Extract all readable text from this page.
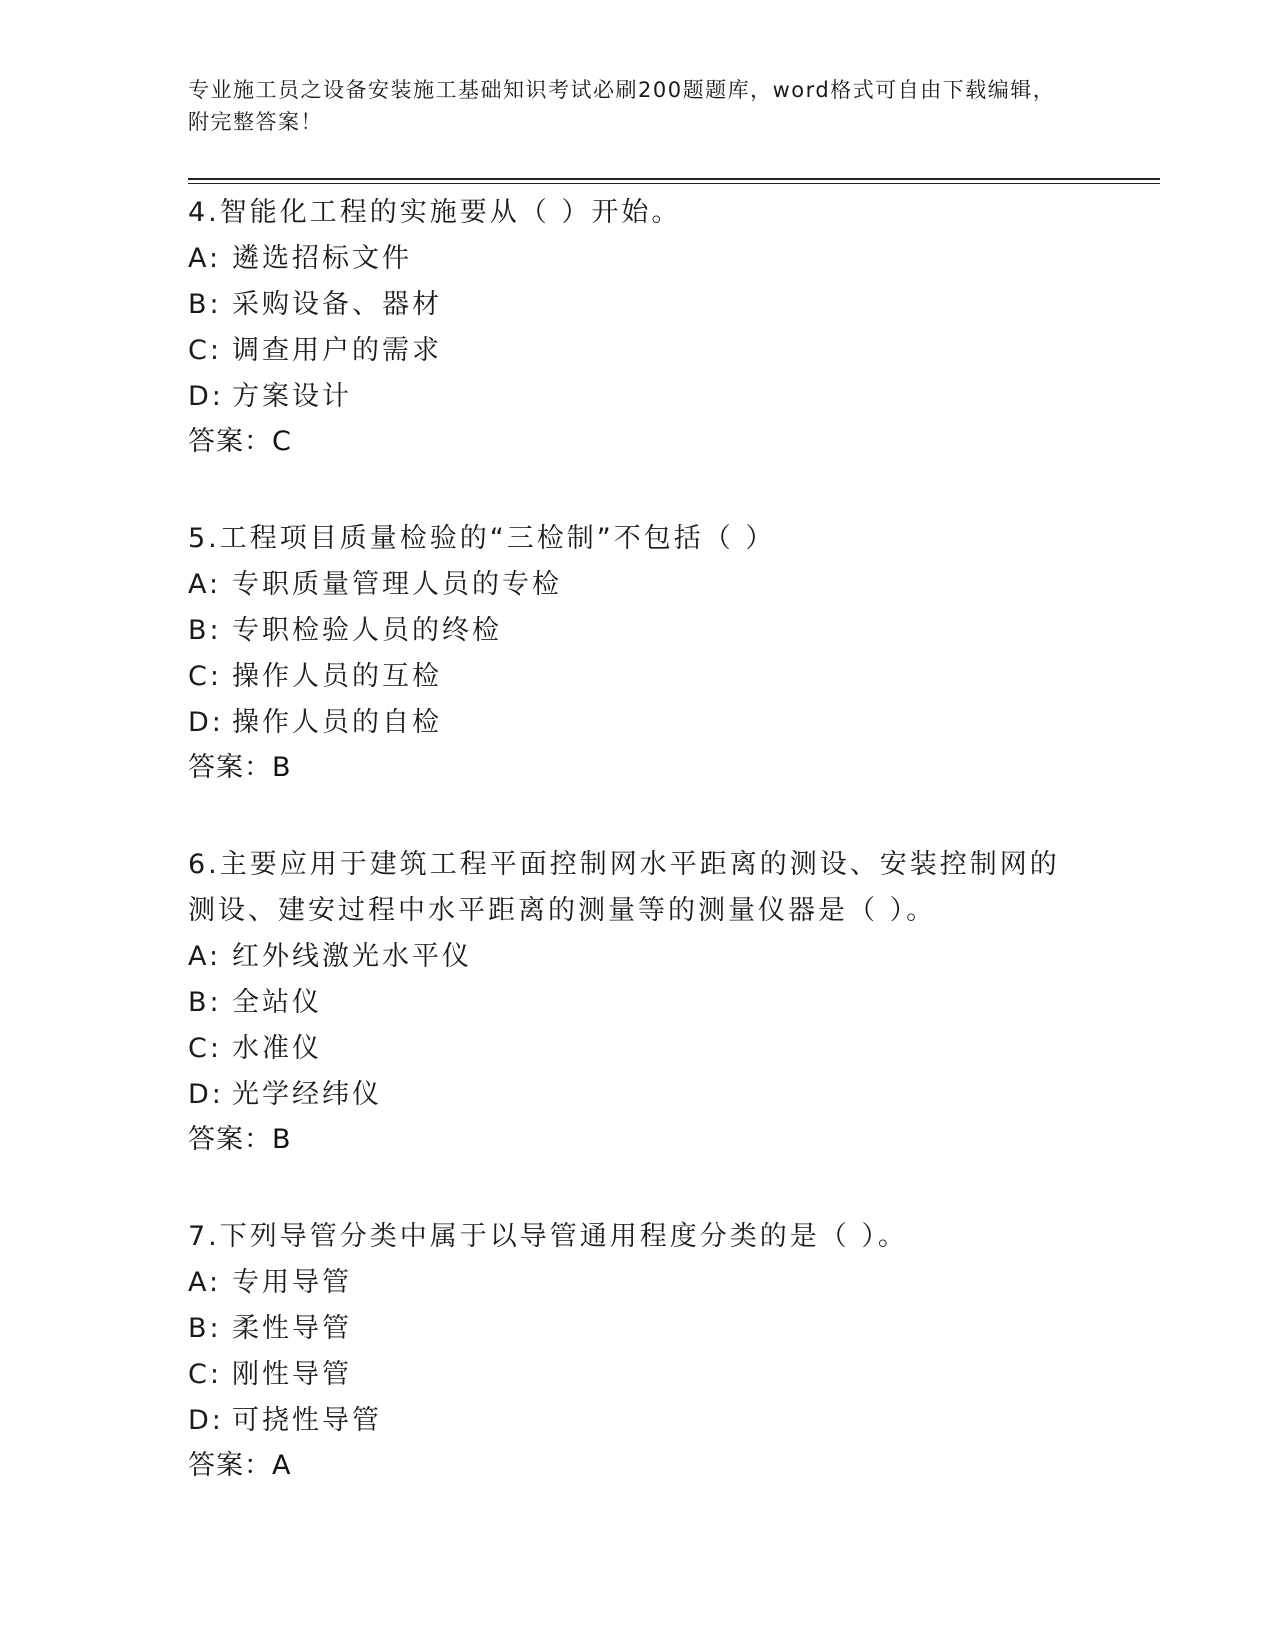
专业施工员之设备安装施工基础知识考试必刷200题题库，word格式可自由下载编辑，附完整答案！
4.智能化工程的实施要从（ ）开始。
A: 遴选招标文件
B: 采购设备、器材
C: 调查用户的需求
D: 方案设计
答案：C
5.工程项目质量检验的“三检制”不包括（ ）
A: 专职质量管理人员的专检
B: 专职检验人员的终检
C: 操作人员的互检
D: 操作人员的自检
答案：B
6.主要应用于建筑工程平面控制网水平距离的测设、安装控制网的测设、建安过程中水平距离的测量等的测量仪器是（ ）。
A: 红外线激光水平仪
B: 全站仪
C: 水准仪
D: 光学经纬仪
答案：B
7.下列导管分类中属于以导管通用程度分类的是（ ）。
A: 专用导管
B: 柔性导管
C: 刚性导管
D: 可挠性导管
答案：A
